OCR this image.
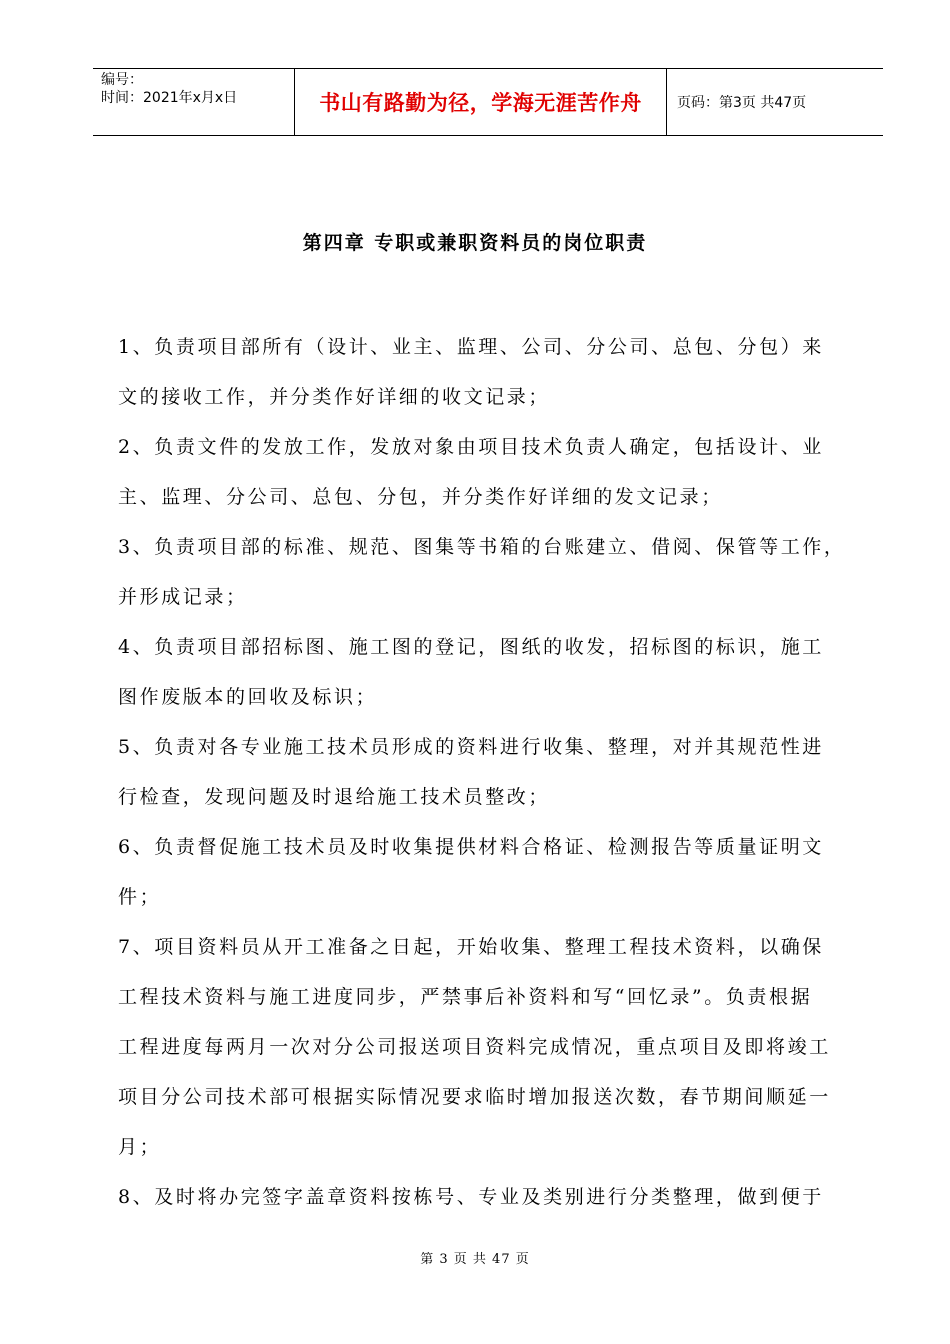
编号：
时间：2021年x月x日	书山有路勤为径，学海无涯苦作舟	页码：第3页 共47页
第四章 专职或兼职资料员的岗位职责
1、负责项目部所有（设计、业主、监理、公司、分公司、总包、分包）来
文的接收工作，并分类作好详细的收文记录；
2、负责文件的发放工作，发放对象由项目技术负责人确定，包括设计、业
主、监理、分公司、总包、分包，并分类作好详细的发文记录；
3、负责项目部的标准、规范、图集等书箱的台账建立、借阅、保管等工作，
并形成记录；
4、负责项目部招标图、施工图的登记，图纸的收发，招标图的标识，施工
图作废版本的回收及标识；
5、负责对各专业施工技术员形成的资料进行收集、整理，对并其规范性进
行检查，发现问题及时退给施工技术员整改；
6、负责督促施工技术员及时收集提供材料合格证、检测报告等质量证明文
件；
7、项目资料员从开工准备之日起，开始收集、整理工程技术资料，以确保
工程技术资料与施工进度同步，严禁事后补资料和写“回忆录”。负责根据
工程进度每两月一次对分公司报送项目资料完成情况，重点项目及即将竣工
项目分公司技术部可根据实际情况要求临时增加报送次数，春节期间顺延一
月；
8、及时将办完签字盖章资料按栋号、专业及类别进行分类整理，做到便于
第 3 页 共 47 页
